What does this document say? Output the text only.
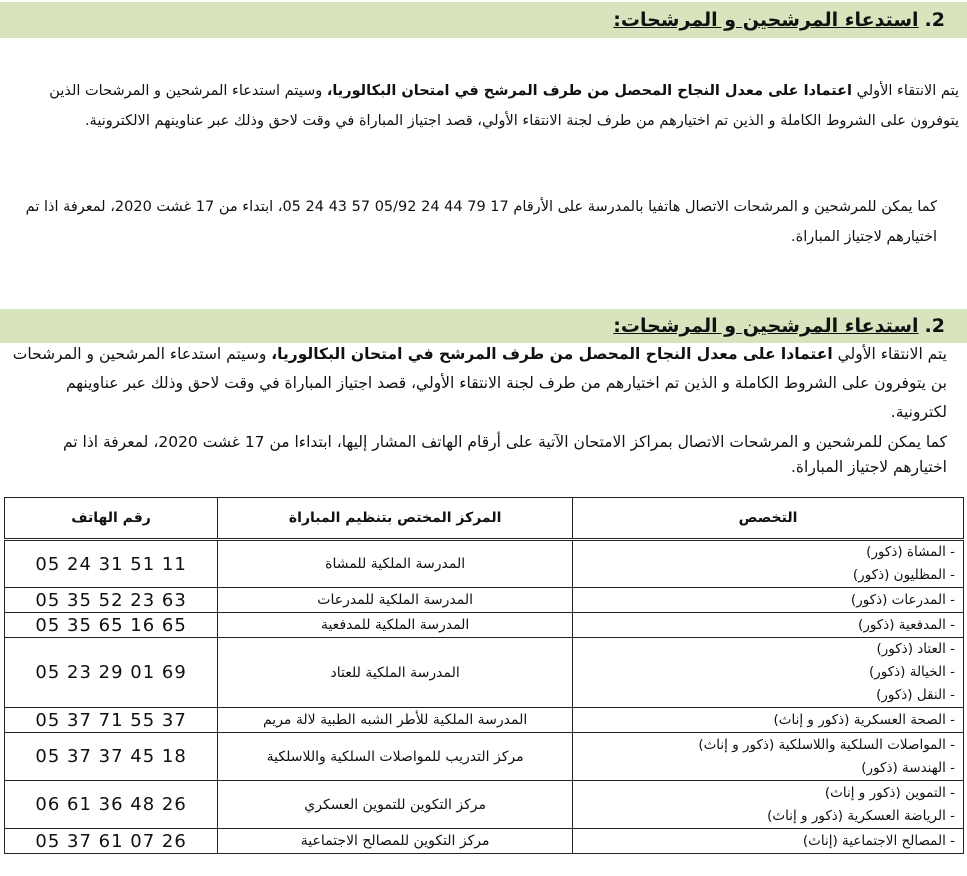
2.
استدعاء المرشحين و المرشحات:
يتم الانتقاء الأولي اعتمادا على معدل النجاح المحصل من طرف المرشح في امتحان البكالوريا، وسيتم استدعاء المرشحين و المرشحات الذين يتوفرون على الشروط الكاملة و الذين تم اختيارهم من طرف لجنة الانتقاء الأولي، قصد اجتياز المباراة في وقت لاحق وذلك عبر عناوينهم الالكترونية.
كما يمكن للمرشحين و المرشحات الاتصال هاتفيا بالمدرسة على الأرقام 17 79 44 24 05/92 57 43 24 05، ابتداء من 17 غشت 2020، لمعرفة اذا تم اختيارهم لاجتياز المباراة.
2.
استدعاء المرشحين و المرشحات:
يتم الانتقاء الأولي اعتمادا على معدل النجاح المحصل من طرف المرشح في امتحان البكالوريا، وسيتم استدعاء المرشحين و المرشحات بن يتوفرون على الشروط الكاملة و الذين تم اختيارهم من طرف لجنة الانتقاء الأولي، قصد اجتياز المباراة في وقت لاحق وذلك عبر عناوينهم لكترونية.
كما يمكن للمرشحين و المرشحات الاتصال بمراكز الامتحان الآتية على أرقام الهاتف المشار إليها، ابتداءا من 17 غشت 2020، لمعرفة اذا تم اختيارهم لاجتياز المباراة.
التخصص	المركز المختص بتنظيم المباراة	رقم الهاتف

- المشاة (ذكور)
- المظليون (ذكور)	المدرسة الملكية للمشاة	05 24 31 51 11

- المدرعات (ذكور)	المدرسة الملكية للمدرعات	05 35 52 23 63

- المدفعية (ذكور)	المدرسة الملكية للمدفعية	05 35 65 16 65

- العتاد (ذكور)
- الخيالة (ذكور)
- النقل (ذكور)	المدرسة الملكية للعتاد	05 23 29 01 69

- الصحة العسكرية (ذكور و إناث)	المدرسة الملكية للأطر الشبه الطبية لالة مريم	05 37 71 55 37

- المواصلات السلكية واللاسلكية (ذكور و إناث)
- الهندسة (ذكور)	مركز التدريب للمواصلات السلكية واللاسلكية	05 37 37 45 18

- التموين (ذكور و إناث)
- الرياضة العسكرية (ذكور و إناث)	مركز التكوين للتموين العسكري	06 61 36 48 26

- المصالح الاجتماعية (إناث)	مركز التكوين للمصالح الاجتماعية	05 37 61 07 26
